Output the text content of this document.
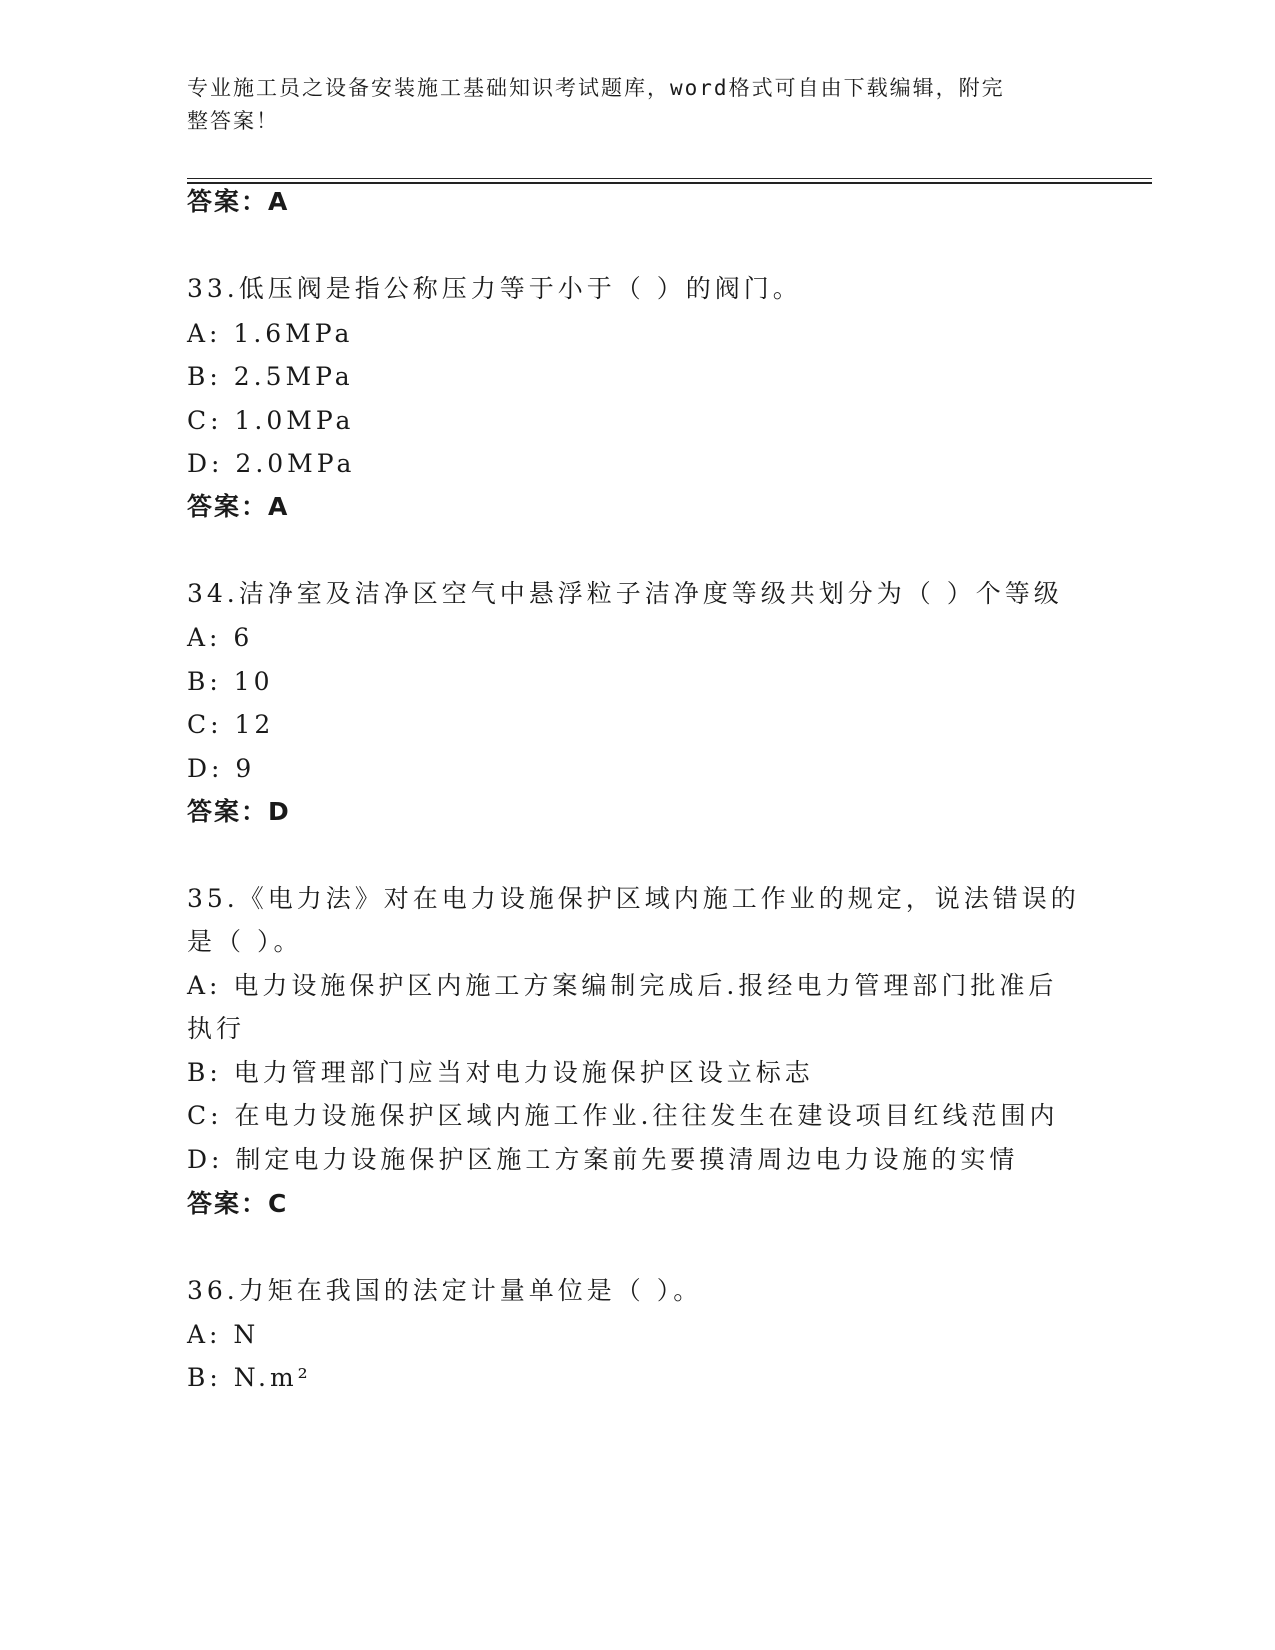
专业施工员之设备安装施工基础知识考试题库，word格式可自由下载编辑，附完
整答案！
答案：A
33.低压阀是指公称压力等于小于（ ）的阀门。
A: 1.6MPa
B: 2.5MPa
C: 1.0MPa
D: 2.0MPa
答案：A
34.洁净室及洁净区空气中悬浮粒子洁净度等级共划分为（ ）个等级
A: 6
B: 10
C: 12
D: 9
答案：D
35.《电力法》对在电力设施保护区域内施工作业的规定，说法错误的
是（ ）。
A: 电力设施保护区内施工方案编制完成后.报经电力管理部门批准后
执行
B: 电力管理部门应当对电力设施保护区设立标志
C: 在电力设施保护区域内施工作业.往往发生在建设项目红线范围内
D: 制定电力设施保护区施工方案前先要摸清周边电力设施的实情
答案：C
36.力矩在我国的法定计量单位是（ ）。
A: N
B: N.m²
